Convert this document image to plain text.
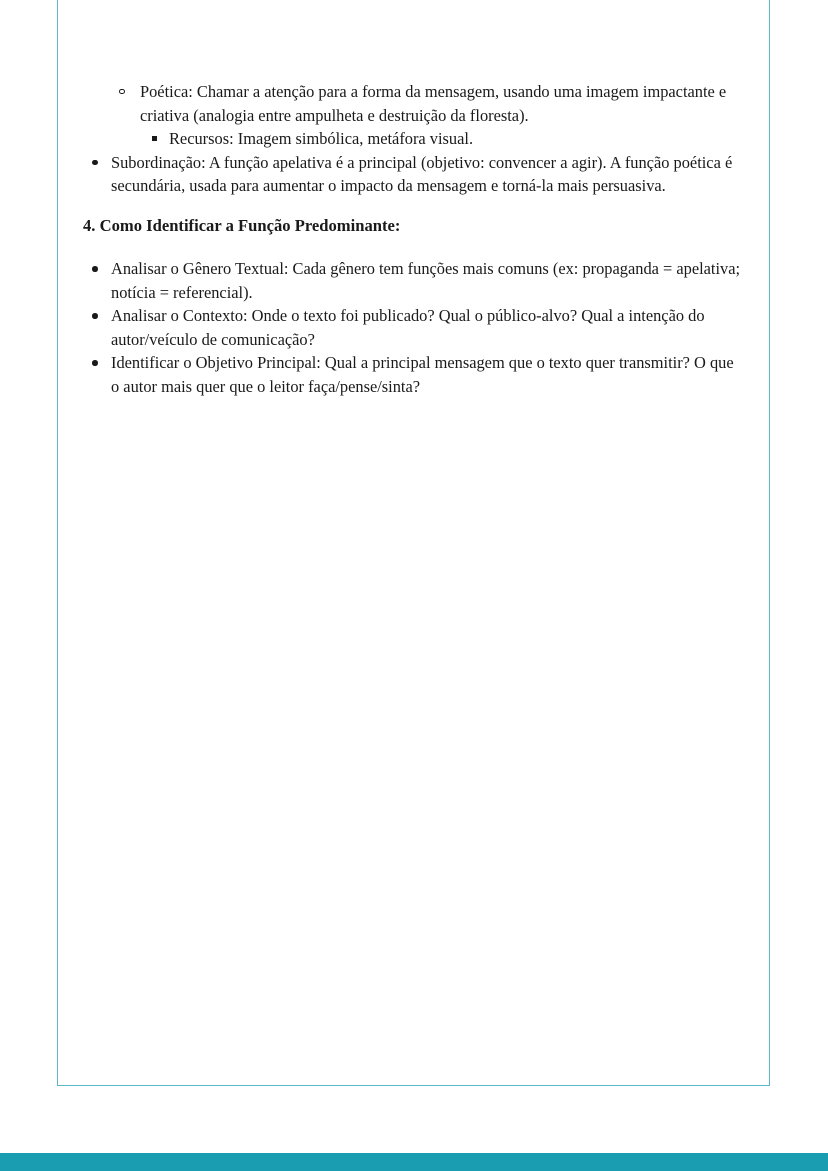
Poética: Chamar a atenção para a forma da mensagem, usando uma imagem impactante e criativa (analogia entre ampulheta e destruição da floresta).
Recursos: Imagem simbólica, metáfora visual.
Subordinação: A função apelativa é a principal (objetivo: convencer a agir). A função poética é secundária, usada para aumentar o impacto da mensagem e torná-la mais persuasiva.
4. Como Identificar a Função Predominante:
Analisar o Gênero Textual: Cada gênero tem funções mais comuns (ex: propaganda = apelativa; notícia = referencial).
Analisar o Contexto: Onde o texto foi publicado? Qual o público-alvo? Qual a intenção do autor/veículo de comunicação?
Identificar o Objetivo Principal: Qual a principal mensagem que o texto quer transmitir? O que o autor mais quer que o leitor faça/pense/sinta?
